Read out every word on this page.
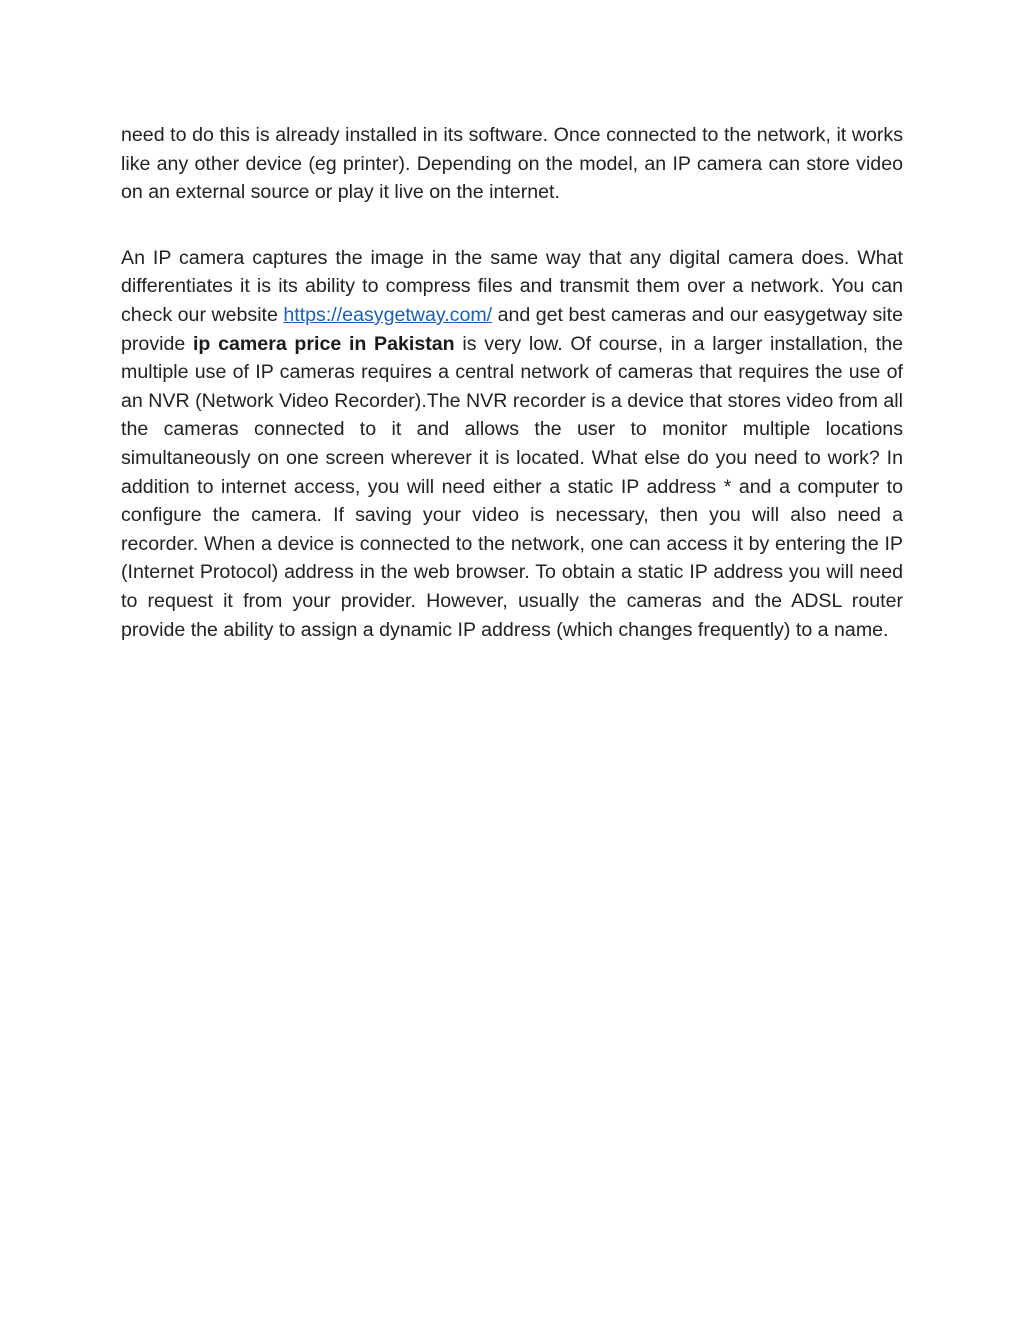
need to do this is already installed in its software. Once connected to the network, it works like any other device (eg printer). Depending on the model, an IP camera can store video on an external source or play it live on the internet.

An IP camera captures the image in the same way that any digital camera does. What differentiates it is its ability to compress files and transmit them over a network. You can check our website https://easygetway.com/ and get best cameras and our easygetway site provide ip camera price in Pakistan is very low. Of course, in a larger installation, the multiple use of IP cameras requires a central network of cameras that requires the use of an NVR (Network Video Recorder).The NVR recorder is a device that stores video from all the cameras connected to it and allows the user to monitor multiple locations simultaneously on one screen wherever it is located. What else do you need to work? In addition to internet access, you will need either a static IP address * and a computer to configure the camera. If saving your video is necessary, then you will also need a recorder. When a device is connected to the network, one can access it by entering the IP (Internet Protocol) address in the web browser. To obtain a static IP address you will need to request it from your provider. However, usually the cameras and the ADSL router provide the ability to assign a dynamic IP address (which changes frequently) to a name.
